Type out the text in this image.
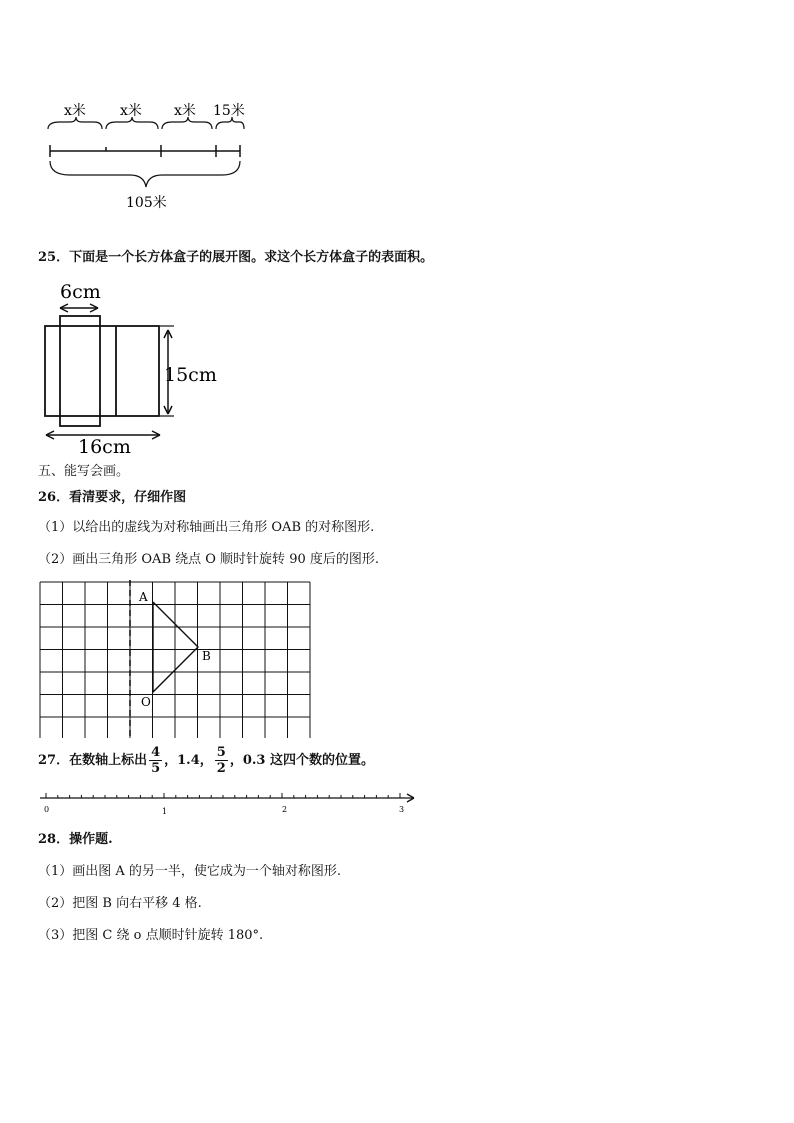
x米 x米 x米 15米
105米
25．下面是一个长方体盒子的展开图。求这个长方体盒子的表面积。
6cm
15cm
16cm
五、能写会画。
26．看清要求，仔细作图
（1）以给出的虚线为对称轴画出三角形 OAB 的对称图形.
（2）画出三角形 OAB 绕点 O 顺时针旋转 90 度后的图形.
A
B
O
27．在数轴上标出 $\frac{4}{5}$ ，1.4， $\frac{5}{2}$ ，0.3 这四个数的位置。
0	1	2	3
28．操作题.
（1）画出图 A 的另一半，使它成为一个轴对称图形.
（2）把图 B 向右平移 4 格.
（3）把图 C 绕 o 点顺时针旋转 180°.
